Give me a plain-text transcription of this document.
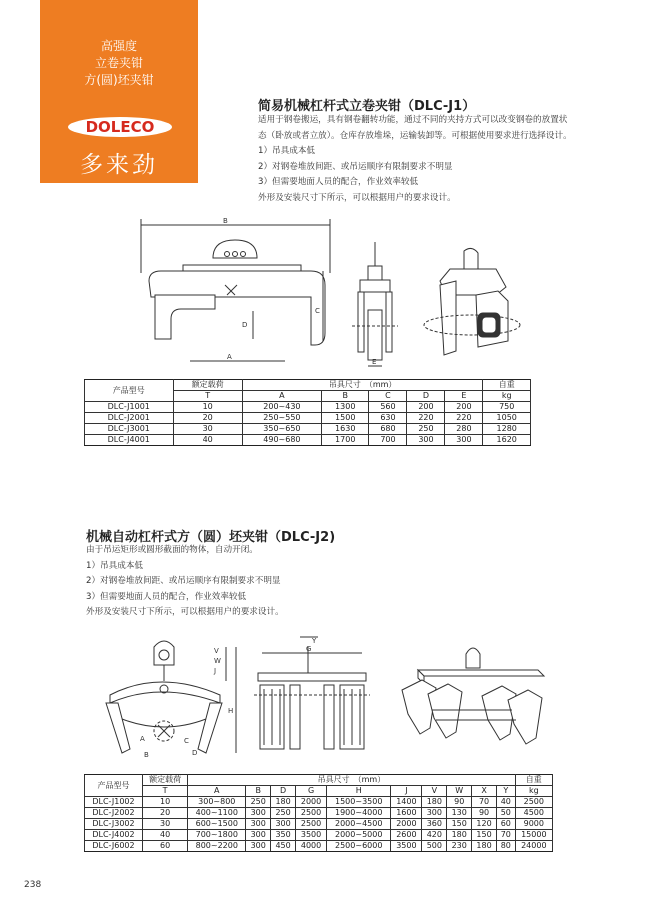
高强度
立卷夹钳
方(圆)坯夹钳
DOLECO
多来劲
简易机械杠杆式立卷夹钳（DLC-J1）
适用于钢卷搬运，具有钢卷翻转功能，通过不同的夹持方式可以改变钢卷的放置状
态（卧放或者立放）。仓库存放堆垛，运输装卸等。可根据使用要求进行选择设计。
1）吊具成本低
2）对钢卷堆放间距、或吊运顺序有限制要求不明显
3）但需要地面人员的配合，作业效率较低
外形及安装尺寸下所示，可以根据用户的要求设计。
B
A
D
C
E
产品型号	额定载荷	吊具尺寸　（mm）					自重
	T	A	B	C	D	E	kg
DLC-J1001	10	200~430	1300	560	200	200	750
DLC-J2001	20	250~550	1500	630	220	220	1050
DLC-J3001	30	350~650	1630	680	250	280	1280
DLC-J4001	40	490~680	1700	700	300	300	1620
机械自动杠杆式方（圆）坯夹钳（DLC-J2)
由于吊运矩形或圆形截面的物体，自动开闭。
1）吊具成本低
2）对钢卷堆放间距、或吊运顺序有限制要求不明显
3）但需要地面人员的配合，作业效率较低
外形及安装尺寸下所示，可以根据用户的要求设计。
V
W
J
H
A
B
C
D
Y
G
产品型号	额定载荷	吊具尺寸　（mm）										自重
	T	A	B	D	G	H	J	V	W	X	Y	kg
DLC-J1002	10	300~800	250	180	2000	1500~3500	1400	180	90	70	40	2500
DLC-J2002	20	400~1100	300	250	2500	1900~4000	1600	300	130	90	50	4500
DLC-J3002	30	600~1500	300	300	2500	2000~4500	2000	360	150	120	60	9000
DLC-J4002	40	700~1800	300	350	3500	2000~5000	2600	420	180	150	70	15000
DLC-J6002	60	800~2200	300	450	4000	2500~6000	3500	500	230	180	80	24000
238
